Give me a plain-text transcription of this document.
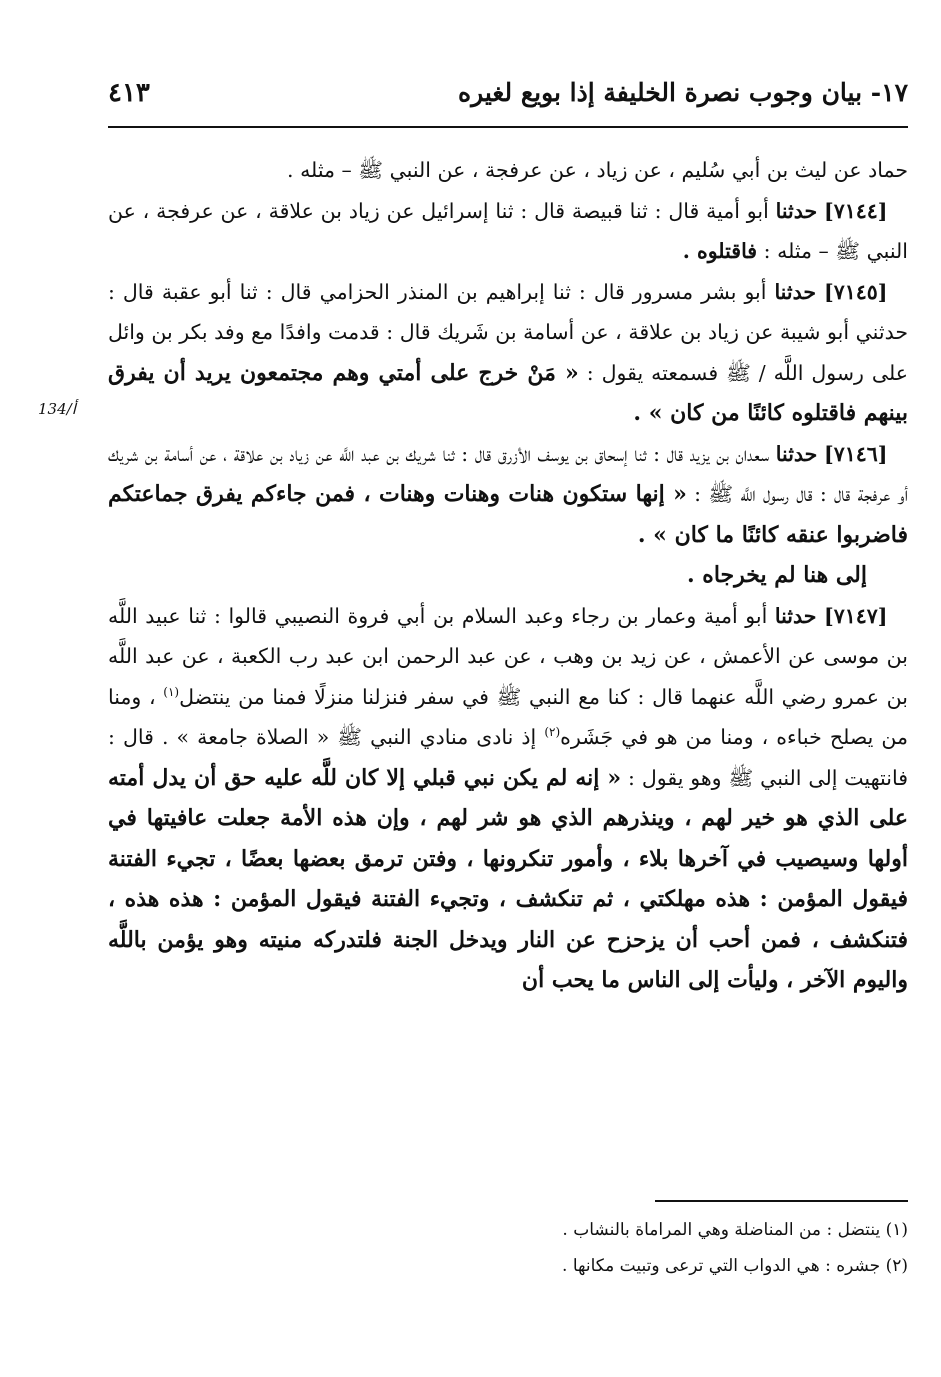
١٧- بيان وجوب نصرة الخليفة إذا بويع لغيره
٤١٣
134/أ

حماد عن ليث بن أبي سُليم ، عن زياد ، عن عرفجة ، عن النبي ﷺ – مثله .

 [٧١٤٤] حدثنا أبو أمية قال : ثنا قبيصة قال : ثنا إسرائيل عن زياد بن علاقة ، عن عرفجة ، عن النبي ﷺ – مثله : فاقتلوه .

 [٧١٤٥] حدثنا أبو بشر مسرور قال : ثنا إبراهيم بن المنذر الحزامي قال : ثنا أبو عقبة قال : حدثني أبو شيبة عن زياد بن علاقة ، عن أسامة بن شَريك قال : قدمت وافدًا مع وفد بكر بن وائل على رسول اللَّه / ﷺ فسمعته يقول : « مَنْ خرج على أمتي وهم مجتمعون يريد أن يفرق بينهم فاقتلوه كائنًا من كان » .

 [٧١٤٦] حدثنا سعدان بن يزيد قال : ثنا إسحاق بن يوسف الأزرق قال : ثنا شريك بن عبد اللَّه عن زياد بن علاقة ، عن أسامة بن شريك أو عرفجة قال : قال رسول اللَّه ﷺ : « إنها ستكون هنات وهنات وهنات ، فمن جاءكم يفرق جماعتكم فاضربوا عنقه كائنًا ما كان » .

  إلى هنا لم يخرجاه .

 [٧١٤٧] حدثنا أبو أمية وعمار بن رجاء وعبد السلام بن أبي فروة النصيبي قالوا : ثنا عبيد اللَّه بن موسى عن الأعمش ، عن زيد بن وهب ، عن عبد الرحمن ابن عبد رب الكعبة ، عن عبد اللَّه بن عمرو رضي اللَّه عنهما قال : كنا مع النبي ﷺ في سفر فنزلنا منزلًا فمنا من ينتضل$^{(١)}$ ، ومنا من يصلح خباءه ، ومنا من هو في جَشَره$^{(٢)}$ إذ نادى منادي النبي ﷺ « الصلاة جامعة » . قال : فانتهيت إلى النبي ﷺ وهو يقول : « إنه لم يكن نبي قبلي إلا كان للَّه عليه حق أن يدل أمته على الذي هو خير لهم ، وينذرهم الذي هو شر لهم ، وإن هذه الأمة جعلت عافيتها في أولها وسيصيب في آخرها بلاء ، وأمور تنكرونها ، وفتن ترمق بعضها بعضًا ، تجيء الفتنة فيقول المؤمن : هذه مهلكتي ، ثم تنكشف ، وتجيء الفتنة فيقول المؤمن : هذه هذه ، فتنكشف ، فمن أحب أن يزحزح عن النار ويدخل الجنة فلتدركه منيته وهو يؤمن باللَّه واليوم الآخر ، وليأت إلى الناس ما يحب أن

(١) ينتضل : من المناضلة وهي المراماة بالنشاب .

(٢) جشره : هي الدواب التي ترعى وتبيت مكانها .
